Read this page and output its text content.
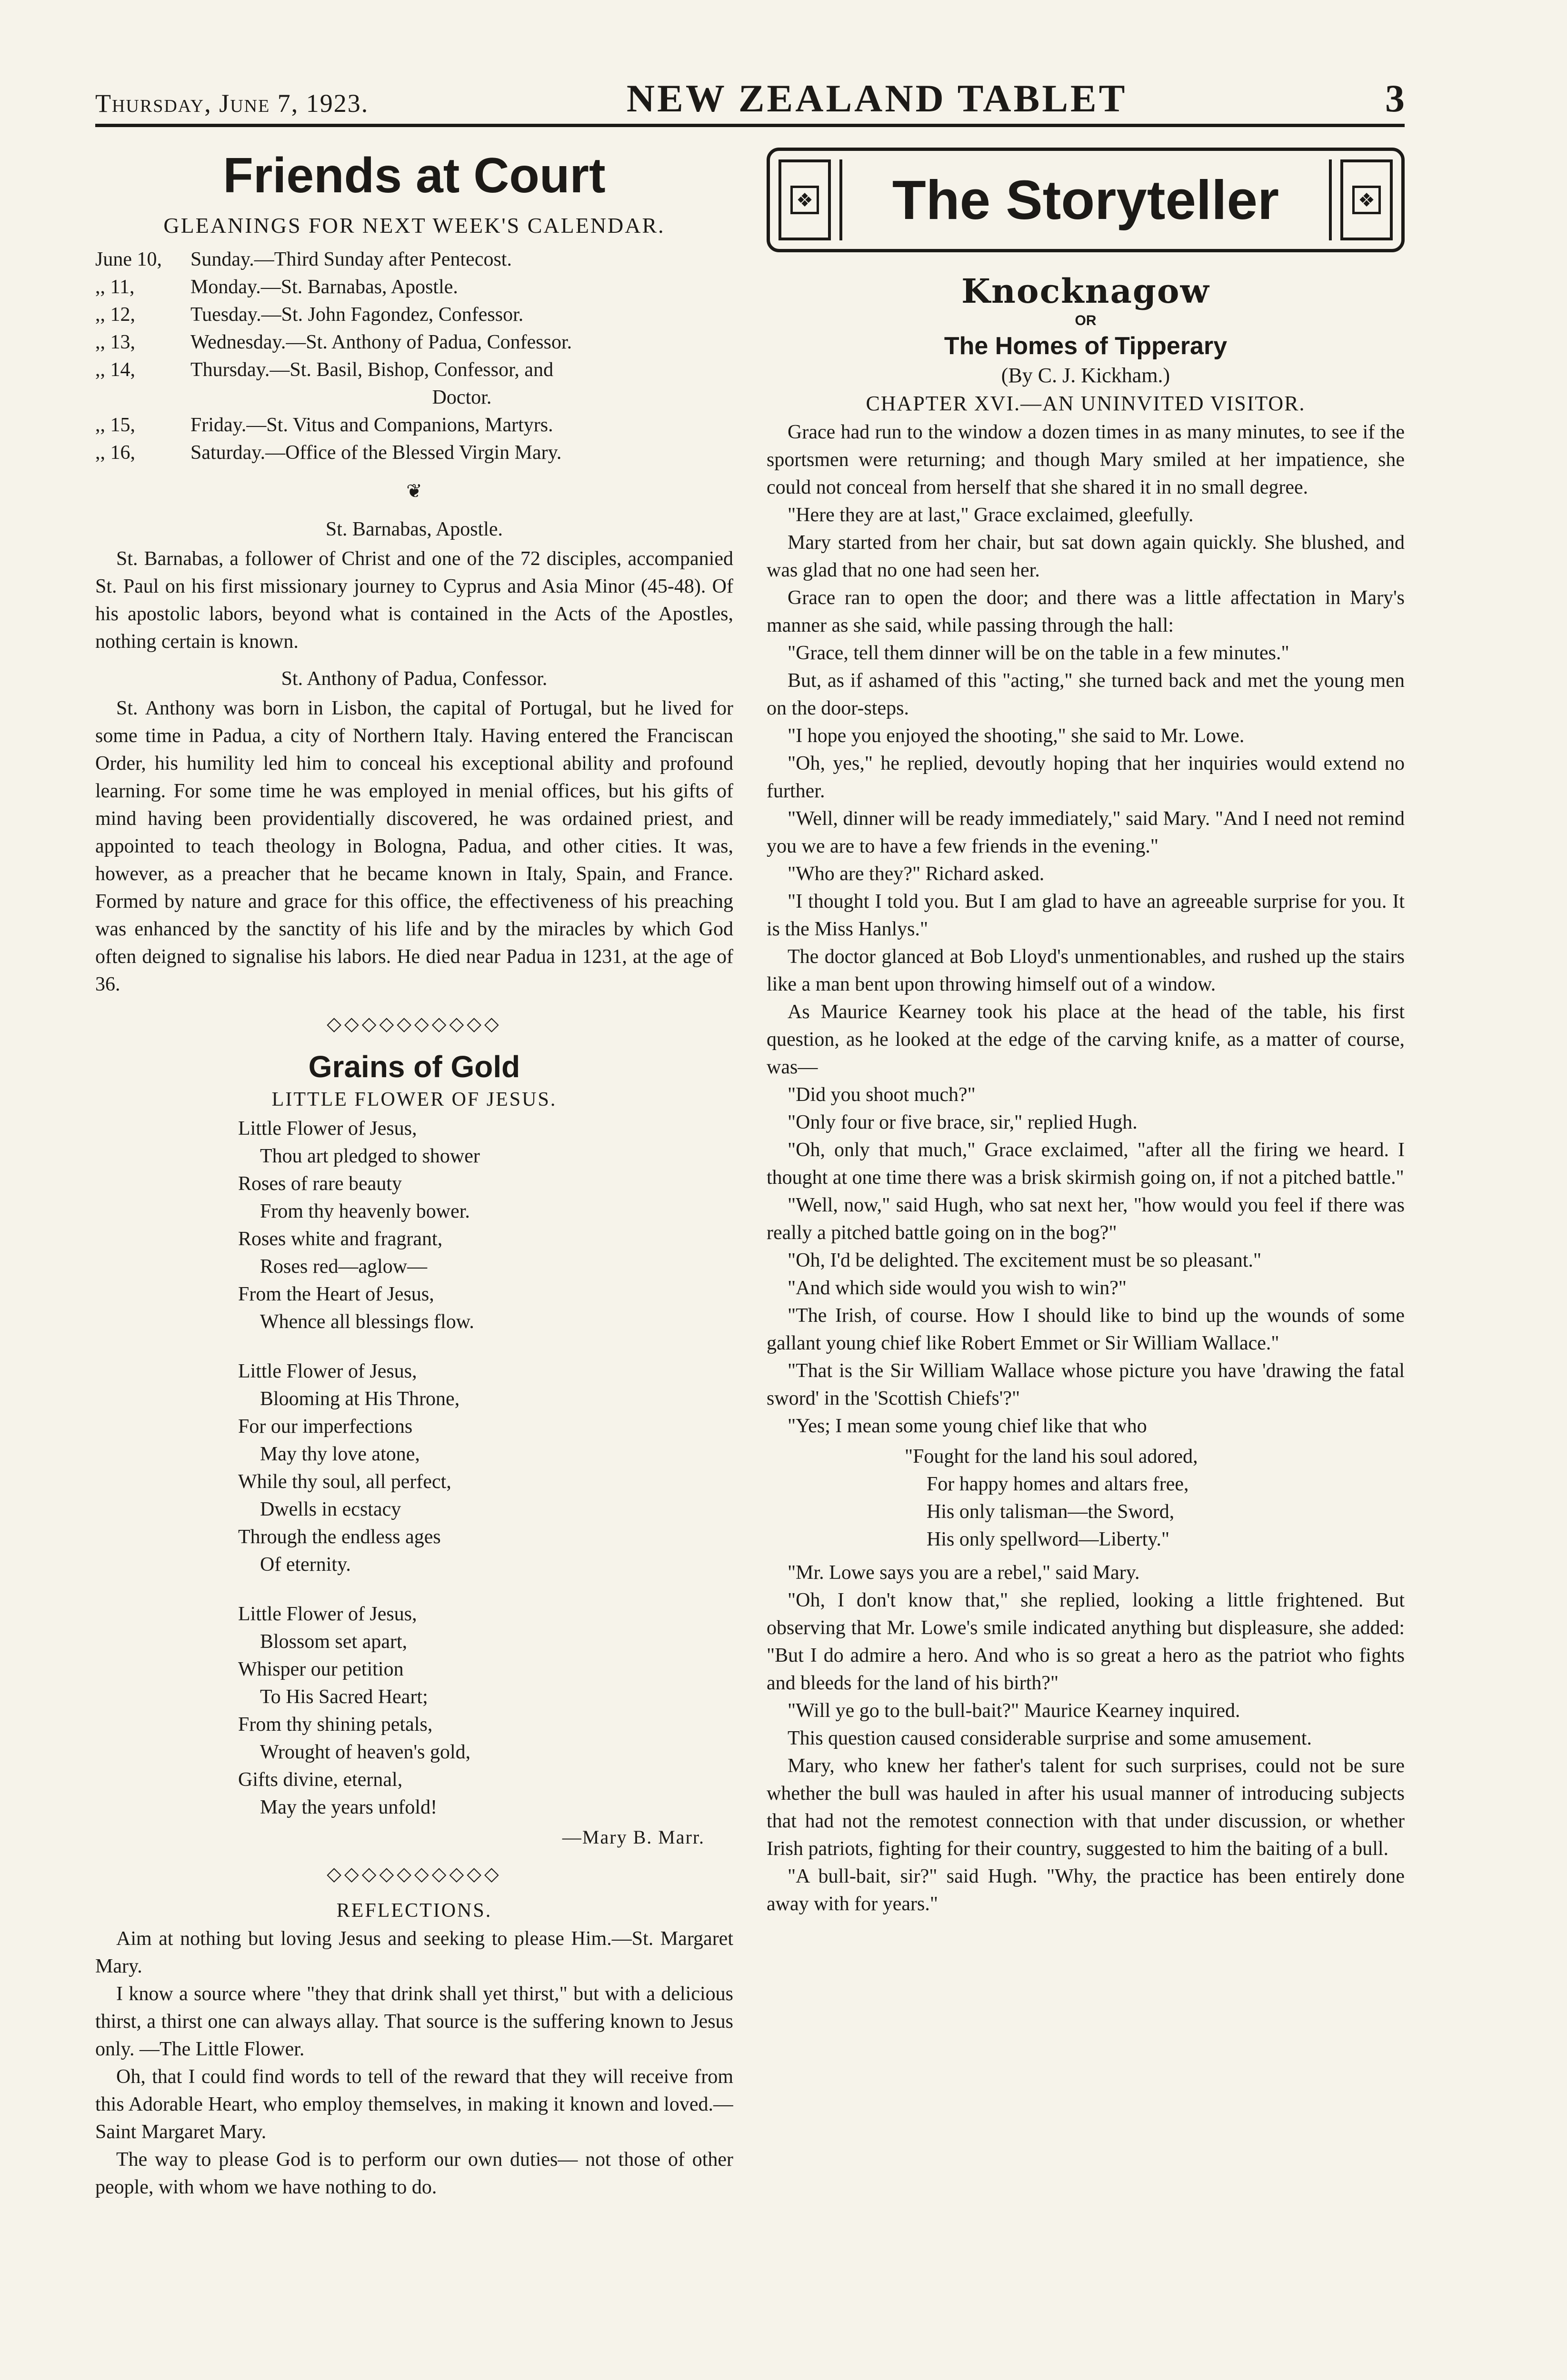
Thursday, June 7, 1923.	NEW ZEALAND TABLET	3
Friends at Court
GLEANINGS FOR NEXT WEEK'S CALENDAR.
June 10,	Sunday.—Third Sunday after Pentecost.
,, 11,	Monday.—St. Barnabas, Apostle.
,, 12,	Tuesday.—St. John Fagondez, Confessor.
,, 13,	Wednesday.—St. Anthony of Padua, Confessor.
,, 14,	Thursday.—St. Basil, Bishop, Confessor, and
Doctor.
,, 15,	Friday.—St. Vitus and Companions, Martyrs.
,, 16,	Saturday.—Office of the Blessed Virgin Mary.
❦
St. Barnabas, Apostle.

St. Barnabas, a follower of Christ and one of the 72 disciples, accompanied St. Paul on his first missionary journey to Cyprus and Asia Minor (45-48). Of his apostolic labors, beyond what is contained in the Acts of the Apostles, nothing certain is known.

St. Anthony of Padua, Confessor.

St. Anthony was born in Lisbon, the capital of Portugal, but he lived for some time in Padua, a city of Northern Italy. Having entered the Franciscan Order, his humility led him to conceal his exceptional ability and profound learning. For some time he was employed in menial offices, but his gifts of mind having been providentially discovered, he was ordained priest, and appointed to teach theology in Bologna, Padua, and other cities. It was, however, as a preacher that he became known in Italy, Spain, and France. Formed by nature and grace for this office, the effectiveness of his preaching was enhanced by the sanctity of his life and by the miracles by which God often deigned to signalise his labors. He died near Padua in 1231, at the age of 36.

◇◇◇◇◇◇◇◇◇◇
Grains of Gold
LITTLE FLOWER OF JESUS.
Little Flower of Jesus,
Thou art pledged to shower
Roses of rare beauty
From thy heavenly bower.
Roses white and fragrant,
Roses red—aglow—
From the Heart of Jesus,
Whence all blessings flow.
Little Flower of Jesus,
Blooming at His Throne,
For our imperfections
May thy love atone,
While thy soul, all perfect,
Dwells in ecstacy
Through the endless ages
Of eternity.
Little Flower of Jesus,
Blossom set apart,
Whisper our petition
To His Sacred Heart;
From thy shining petals,
Wrought of heaven's gold,
Gifts divine, eternal,
May the years unfold!
—Mary B. Marr.
◇◇◇◇◇◇◇◇◇◇
REFLECTIONS.

Aim at nothing but loving Jesus and seeking to please Him.—St. Margaret Mary.

I know a source where "they that drink shall yet thirst," but with a delicious thirst, a thirst one can always allay. That source is the suffering known to Jesus only. —The Little Flower.

Oh, that I could find words to tell of the reward that they will receive from this Adorable Heart, who employ themselves, in making it known and loved.—Saint Margaret Mary.

The way to please God is to perform our own duties— not those of other people, with whom we have nothing to do.

❖	The Storyteller	❖
Knocknagow
OR
The Homes of Tipperary
(By C. J. Kickham.)
CHAPTER XVI.—AN UNINVITED VISITOR.

Grace had run to the window a dozen times in as many minutes, to see if the sportsmen were returning; and though Mary smiled at her impatience, she could not conceal from herself that she shared it in no small degree.

"Here they are at last," Grace exclaimed, gleefully.

Mary started from her chair, but sat down again quickly. She blushed, and was glad that no one had seen her.

Grace ran to open the door; and there was a little affectation in Mary's manner as she said, while passing through the hall:

"Grace, tell them dinner will be on the table in a few minutes."

But, as if ashamed of this "acting," she turned back and met the young men on the door-steps.

"I hope you enjoyed the shooting," she said to Mr. Lowe.

"Oh, yes," he replied, devoutly hoping that her inquiries would extend no further.

"Well, dinner will be ready immediately," said Mary. "And I need not remind you we are to have a few friends in the evening."

"Who are they?" Richard asked.

"I thought I told you. But I am glad to have an agreeable surprise for you. It is the Miss Hanlys."

The doctor glanced at Bob Lloyd's unmentionables, and rushed up the stairs like a man bent upon throwing himself out of a window.

As Maurice Kearney took his place at the head of the table, his first question, as he looked at the edge of the carving knife, as a matter of course, was—

"Did you shoot much?"

"Only four or five brace, sir," replied Hugh.

"Oh, only that much," Grace exclaimed, "after all the firing we heard. I thought at one time there was a brisk skirmish going on, if not a pitched battle."

"Well, now," said Hugh, who sat next her, "how would you feel if there was really a pitched battle going on in the bog?"

"Oh, I'd be delighted. The excitement must be so pleasant."

"And which side would you wish to win?"

"The Irish, of course. How I should like to bind up the wounds of some gallant young chief like Robert Emmet or Sir William Wallace."

"That is the Sir William Wallace whose picture you have 'drawing the fatal sword' in the 'Scottish Chiefs'?"

"Yes; I mean some young chief like that who

"Fought for the land his soul adored,
For happy homes and altars free,
His only talisman—the Sword,
His only spellword—Liberty."

"Mr. Lowe says you are a rebel," said Mary.

"Oh, I don't know that," she replied, looking a little frightened. But observing that Mr. Lowe's smile indicated anything but displeasure, she added: "But I do admire a hero. And who is so great a hero as the patriot who fights and bleeds for the land of his birth?"

"Will ye go to the bull-bait?" Maurice Kearney inquired.

This question caused considerable surprise and some amusement.

Mary, who knew her father's talent for such surprises, could not be sure whether the bull was hauled in after his usual manner of introducing subjects that had not the remotest connection with that under discussion, or whether Irish patriots, fighting for their country, suggested to him the baiting of a bull.

"A bull-bait, sir?" said Hugh. "Why, the practice has been entirely done away with for years."
